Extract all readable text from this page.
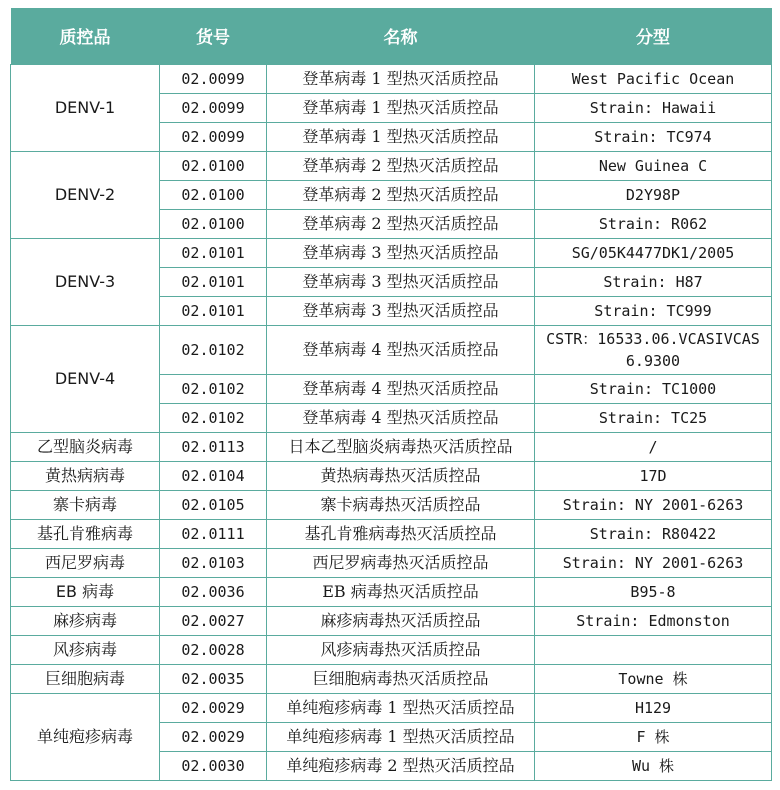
质控品	货号	名称	分型
DENV-1	02.0099	登革病毒 1 型热灭活质控品	West Pacific Ocean
	02.0099	登革病毒 1 型热灭活质控品	Strain: Hawaii
	02.0099	登革病毒 1 型热灭活质控品	Strain: TC974
DENV-2	02.0100	登革病毒 2 型热灭活质控品	New Guinea C
	02.0100	登革病毒 2 型热灭活质控品	D2Y98P
	02.0100	登革病毒 2 型热灭活质控品	Strain: R062
DENV-3	02.0101	登革病毒 3 型热灭活质控品	SG/05K4477DK1/2005
	02.0101	登革病毒 3 型热灭活质控品	Strain: H87
	02.0101	登革病毒 3 型热灭活质控品	Strain: TC999
DENV-4	02.0102	登革病毒 4 型热灭活质控品	CSTR：16533.06.VCASIVCAS6.9300
	02.0102	登革病毒 4 型热灭活质控品	Strain: TC1000
	02.0102	登革病毒 4 型热灭活质控品	Strain: TC25
乙型脑炎病毒	02.0113	日本乙型脑炎病毒热灭活质控品	/
黄热病病毒	02.0104	黄热病毒热灭活质控品	17D
寨卡病毒	02.0105	寨卡病毒热灭活质控品	Strain: NY 2001-6263
基孔肯雅病毒	02.0111	基孔肯雅病毒热灭活质控品	Strain: R80422
西尼罗病毒	02.0103	西尼罗病毒热灭活质控品	Strain: NY 2001-6263
EB 病毒	02.0036	EB 病毒热灭活质控品	B95-8
麻疹病毒	02.0027	麻疹病毒热灭活质控品	Strain: Edmonston
风疹病毒	02.0028	风疹病毒热灭活质控品	
巨细胞病毒	02.0035	巨细胞病毒热灭活质控品	Towne 株
单纯疱疹病毒	02.0029	单纯疱疹病毒 1 型热灭活质控品	H129
	02.0029	单纯疱疹病毒 1 型热灭活质控品	F 株
	02.0030	单纯疱疹病毒 2 型热灭活质控品	Wu 株
